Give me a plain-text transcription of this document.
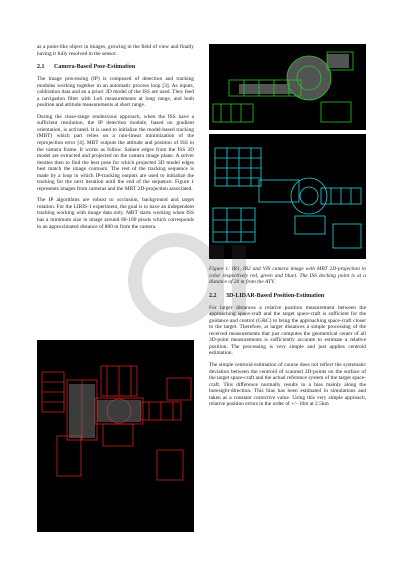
as a point-like object in images, growing in the field of view and finally having it fully resolved in the sensor.

2.1 Camera-Based Pose-Estimation

The image processing (IP) is composed of detection and tracking modules working together in an automatic process loop [3]. As inputs, calibration data and an a priori 3D model of the ISS are used. They feed a navigation filter with LoS measurements at long range, and both position and attitude measurements at short range.

During the close-range rendezvous approach, when the ISS have a sufficient resolution, the IP detection module, based on gradient orientation, is activated. It is used to initialize the model-based tracking (MBT) which part relies on a non-linear minimization of the reprojection error [4]. MBT outputs the attitude and position of ISS in the camera frame. It works as follow. Salient edges from the ISS 3D model are extracted and projected on the camera image plane. A solver iterates then to find the best pose for which projected 3D model edges best match the image contours. The rest of the tracking sequence is made by a loop in which IP-tracking outputs are used to initialize the tracking for the next iteration until the end of the sequence. Figure 1 represents images from cameras and the MBT 2D-projection associated.

The IP algorithms are robust to occlusion, background and target rotation. For the LIRIS-1 experiment, the goal is to have an independent tracking working with image data only. MBT starts working when ISS has a minimum size in image around 80-100 pixels which corresponds to an approximated distance of 800 m from the camera.

Figure 1: IR1, IR2 and VIS camera image with MBT 2D-projection in color respectively red, green and blue). The ISS docking point is at a distance of 20 m from the ATV.

2.2 3D-LIDAR-Based Position-Estimation

For larger distances a relative position measurement between the approaching space-craft and the target space-craft is sufficient for the guidance and control (G&C) to bring the approaching space-craft closer to the target. Therefore, at larger distances a simple processing of the received measurements that just computes the geometrical center of all 3D-point measurements is sufficiently accurate to estimate a relative position. The processing is very simple and just applies centroid estimation.

The simple centroid estimation of course does not reflect the systematic deviation between the centroid of scanned 3D-points on the surface of the target space-craft and the actual reference system of the target space-craft. This difference normally results in a bias mainly along the boresight-direction. This bias has been estimated in simulations and taken as a constant corrective value. Using this very simple approach, relative position errors in the order of +/- 10m at 2.5km
